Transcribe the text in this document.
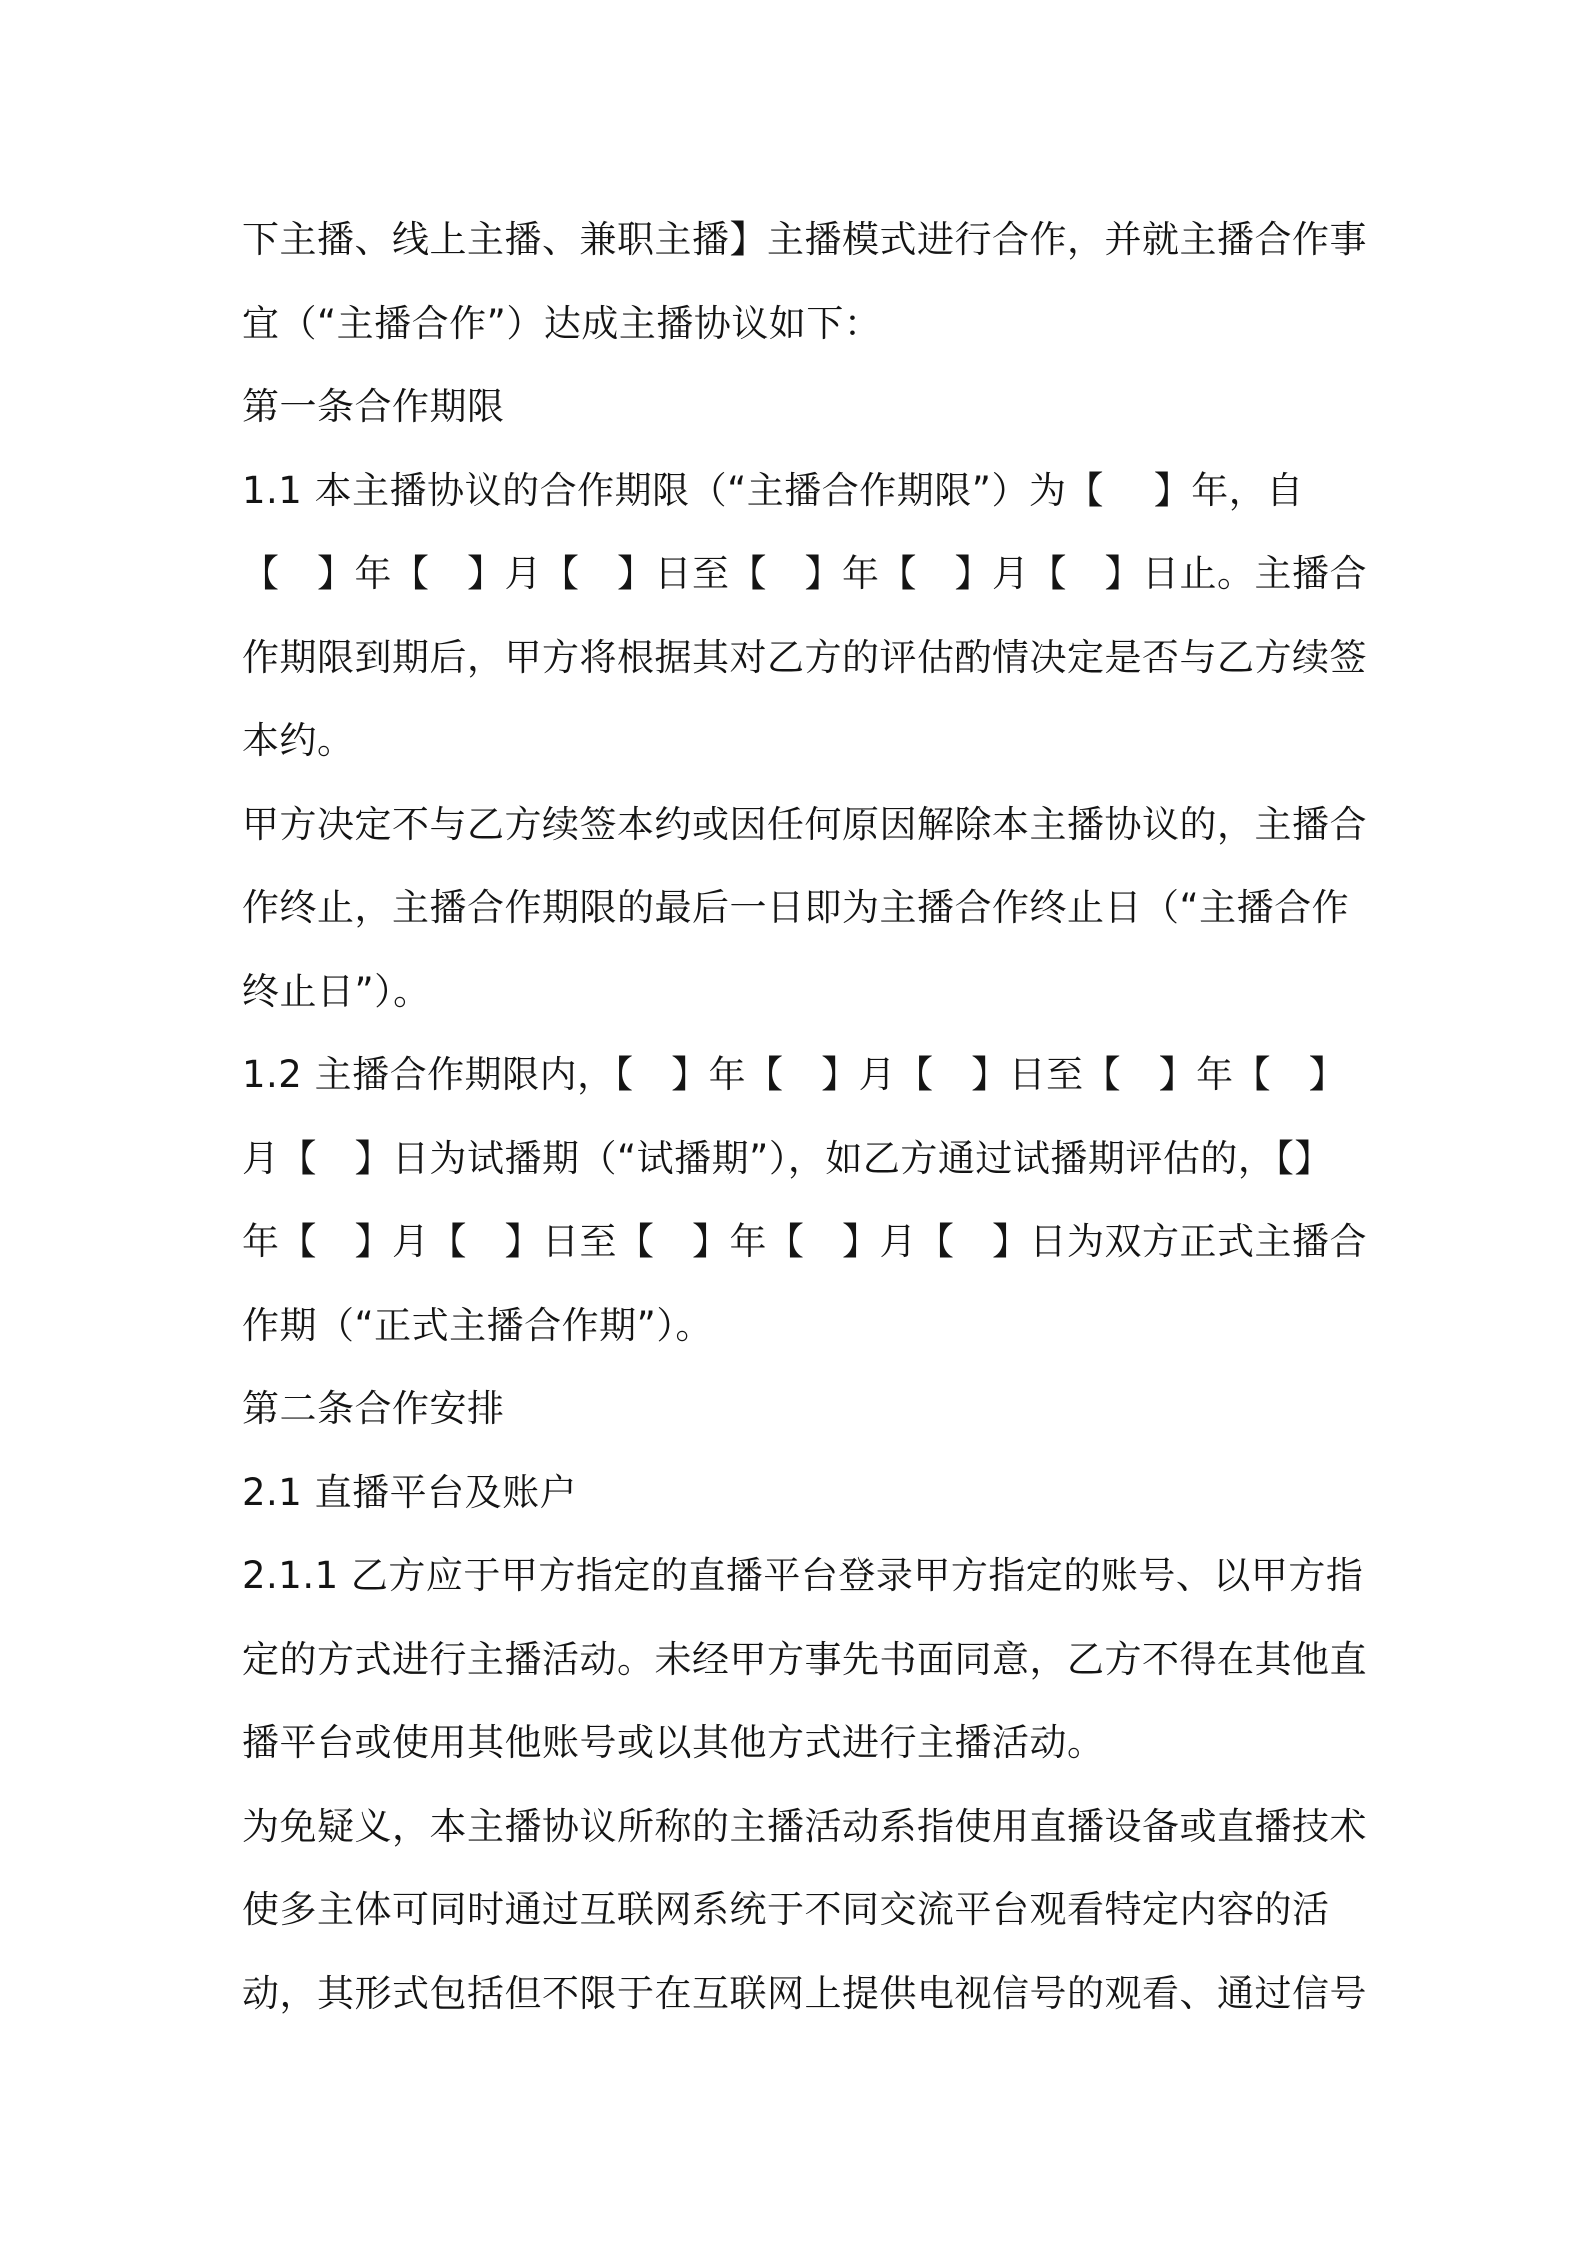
下主播、线上主播、兼职主播】主播模式进行合作，并就主播合作事
宜（“主播合作”）达成主播协议如下：
第一条合作期限
1.1 本主播协议的合作期限（“主播合作期限”）为【　 】年，自
【　】年【　】月【　】日至【　】年【　】月【　】日止。主播合
作期限到期后，甲方将根据其对乙方的评估酌情决定是否与乙方续签
本约。
甲方决定不与乙方续签本约或因任何原因解除本主播协议的，主播合
作终止，主播合作期限的最后一日即为主播合作终止日（“主播合作
终止日”）。
1.2 主播合作期限内，【　】年【　】月【　】日至【　】年【　】
月【　】日为试播期（“试播期”），如乙方通过试播期评估的，【】
年【　】月【　】日至【　】年【　】月【　】日为双方正式主播合
作期（“正式主播合作期”）。
第二条合作安排
2.1 直播平台及账户
2.1.1 乙方应于甲方指定的直播平台登录甲方指定的账号、以甲方指
定的方式进行主播活动。未经甲方事先书面同意，乙方不得在其他直
播平台或使用其他账号或以其他方式进行主播活动。
为免疑义，本主播协议所称的主播活动系指使用直播设备或直播技术
使多主体可同时通过互联网系统于不同交流平台观看特定内容的活
动，其形式包括但不限于在互联网上提供电视信号的观看、通过信号
